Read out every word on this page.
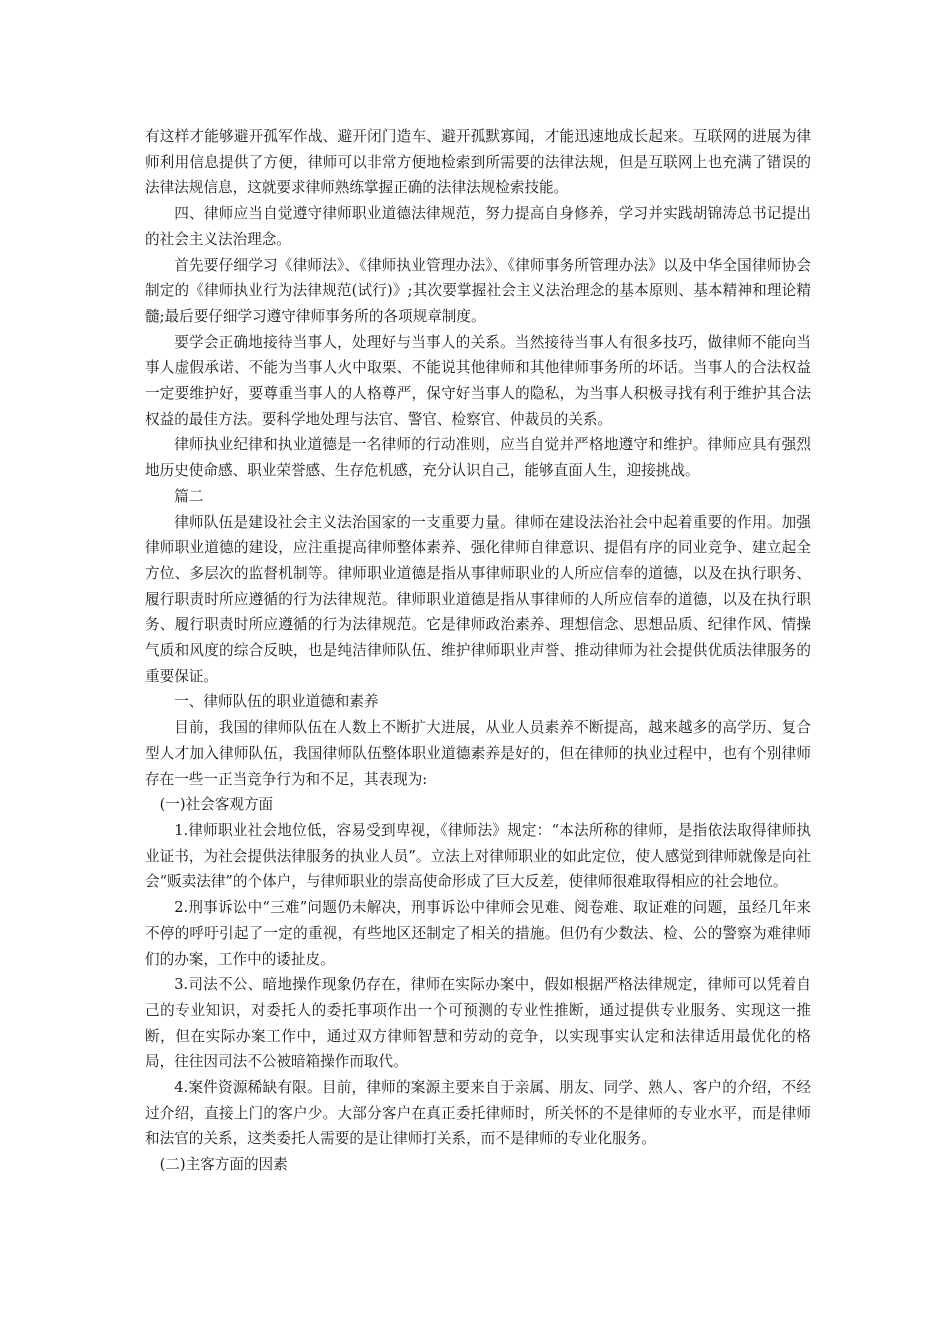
有这样才能够避开孤军作战、避开闭门造车、避开孤默寡闻，才能迅速地成长起来。互联网的进展为律师利用信息提供了方便，律师可以非常方便地检索到所需要的法律法规，但是互联网上也充满了错误的法律法规信息，这就要求律师熟练掌握正确的法律法规检索技能。

四、律师应当自觉遵守律师职业道德法律规范，努力提高自身修养，学习并实践胡锦涛总书记提出的社会主义法治理念。

首先要仔细学习《律师法》、《律师执业管理办法》、《律师事务所管理办法》以及中华全国律师协会制定的《律师执业行为法律规范(试行)》;其次要掌握社会主义法治理念的基本原则、基本精神和理论精髓;最后要仔细学习遵守律师事务所的各项规章制度。

要学会正确地接待当事人，处理好与当事人的关系。当然接待当事人有很多技巧，做律师不能向当事人虚假承诺、不能为当事人火中取栗、不能说其他律师和其他律师事务所的坏话。当事人的合法权益一定要维护好，要尊重当事人的人格尊严，保守好当事人的隐私，为当事人积极寻找有利于维护其合法权益的最佳方法。要科学地处理与法官、警官、检察官、仲裁员的关系。

律师执业纪律和执业道德是一名律师的行动准则，应当自觉并严格地遵守和维护。律师应具有强烈地历史使命感、职业荣誉感、生存危机感，充分认识自己，能够直面人生，迎接挑战。

篇二

律师队伍是建设社会主义法治国家的一支重要力量。律师在建设法治社会中起着重要的作用。加强律师职业道德的建设，应注重提高律师整体素养、强化律师自律意识、提倡有序的同业竞争、建立起全方位、多层次的监督机制等。律师职业道德是指从事律师职业的人所应信奉的道德，以及在执行职务、履行职责时所应遵循的行为法律规范。律师职业道德是指从事律师的人所应信奉的道德，以及在执行职务、履行职责时所应遵循的行为法律规范。它是律师政治素养、理想信念、思想品质、纪律作风、情操气质和风度的综合反映，也是纯洁律师队伍、维护律师职业声誉、推动律师为社会提供优质法律服务的重要保证。

一、律师队伍的职业道德和素养

目前，我国的律师队伍在人数上不断扩大进展，从业人员素养不断提高，越来越多的高学历、复合型人才加入律师队伍，我国律师队伍整体职业道德素养是好的，但在律师的执业过程中，也有个别律师存在一些一正当竞争行为和不足，其表现为:

(一)社会客观方面

1.律师职业社会地位低，容易受到卑视，《律师法》规定：“本法所称的律师，是指依法取得律师执业证书，为社会提供法律服务的执业人员”。立法上对律师职业的如此定位，使人感觉到律师就像是向社会“贩卖法律”的个体户，与律师职业的崇高使命形成了巨大反差，使律师很难取得相应的社会地位。

2.刑事诉讼中“三难”问题仍未解决，刑事诉讼中律师会见难、阅卷难、取证难的问题，虽经几年来不停的呼吁引起了一定的重视，有些地区还制定了相关的措施。但仍有少数法、检、公的警察为难律师们的办案，工作中的诿扯皮。

3.司法不公、暗地操作现象仍存在，律师在实际办案中，假如根据严格法律规定，律师可以凭着自己的专业知识，对委托人的委托事项作出一个可预测的专业性推断，通过提供专业服务、实现这一推断，但在实际办案工作中，通过双方律师智慧和劳动的竞争，以实现事实认定和法律适用最优化的格局，往往因司法不公被暗箱操作而取代。

4.案件资源稀缺有限。目前，律师的案源主要来自于亲属、朋友、同学、熟人、客户的介绍，不经过介绍，直接上门的客户少。大部分客户在真正委托律师时，所关怀的不是律师的专业水平，而是律师和法官的关系，这类委托人需要的是让律师打关系，而不是律师的专业化服务。

(二)主客方面的因素
